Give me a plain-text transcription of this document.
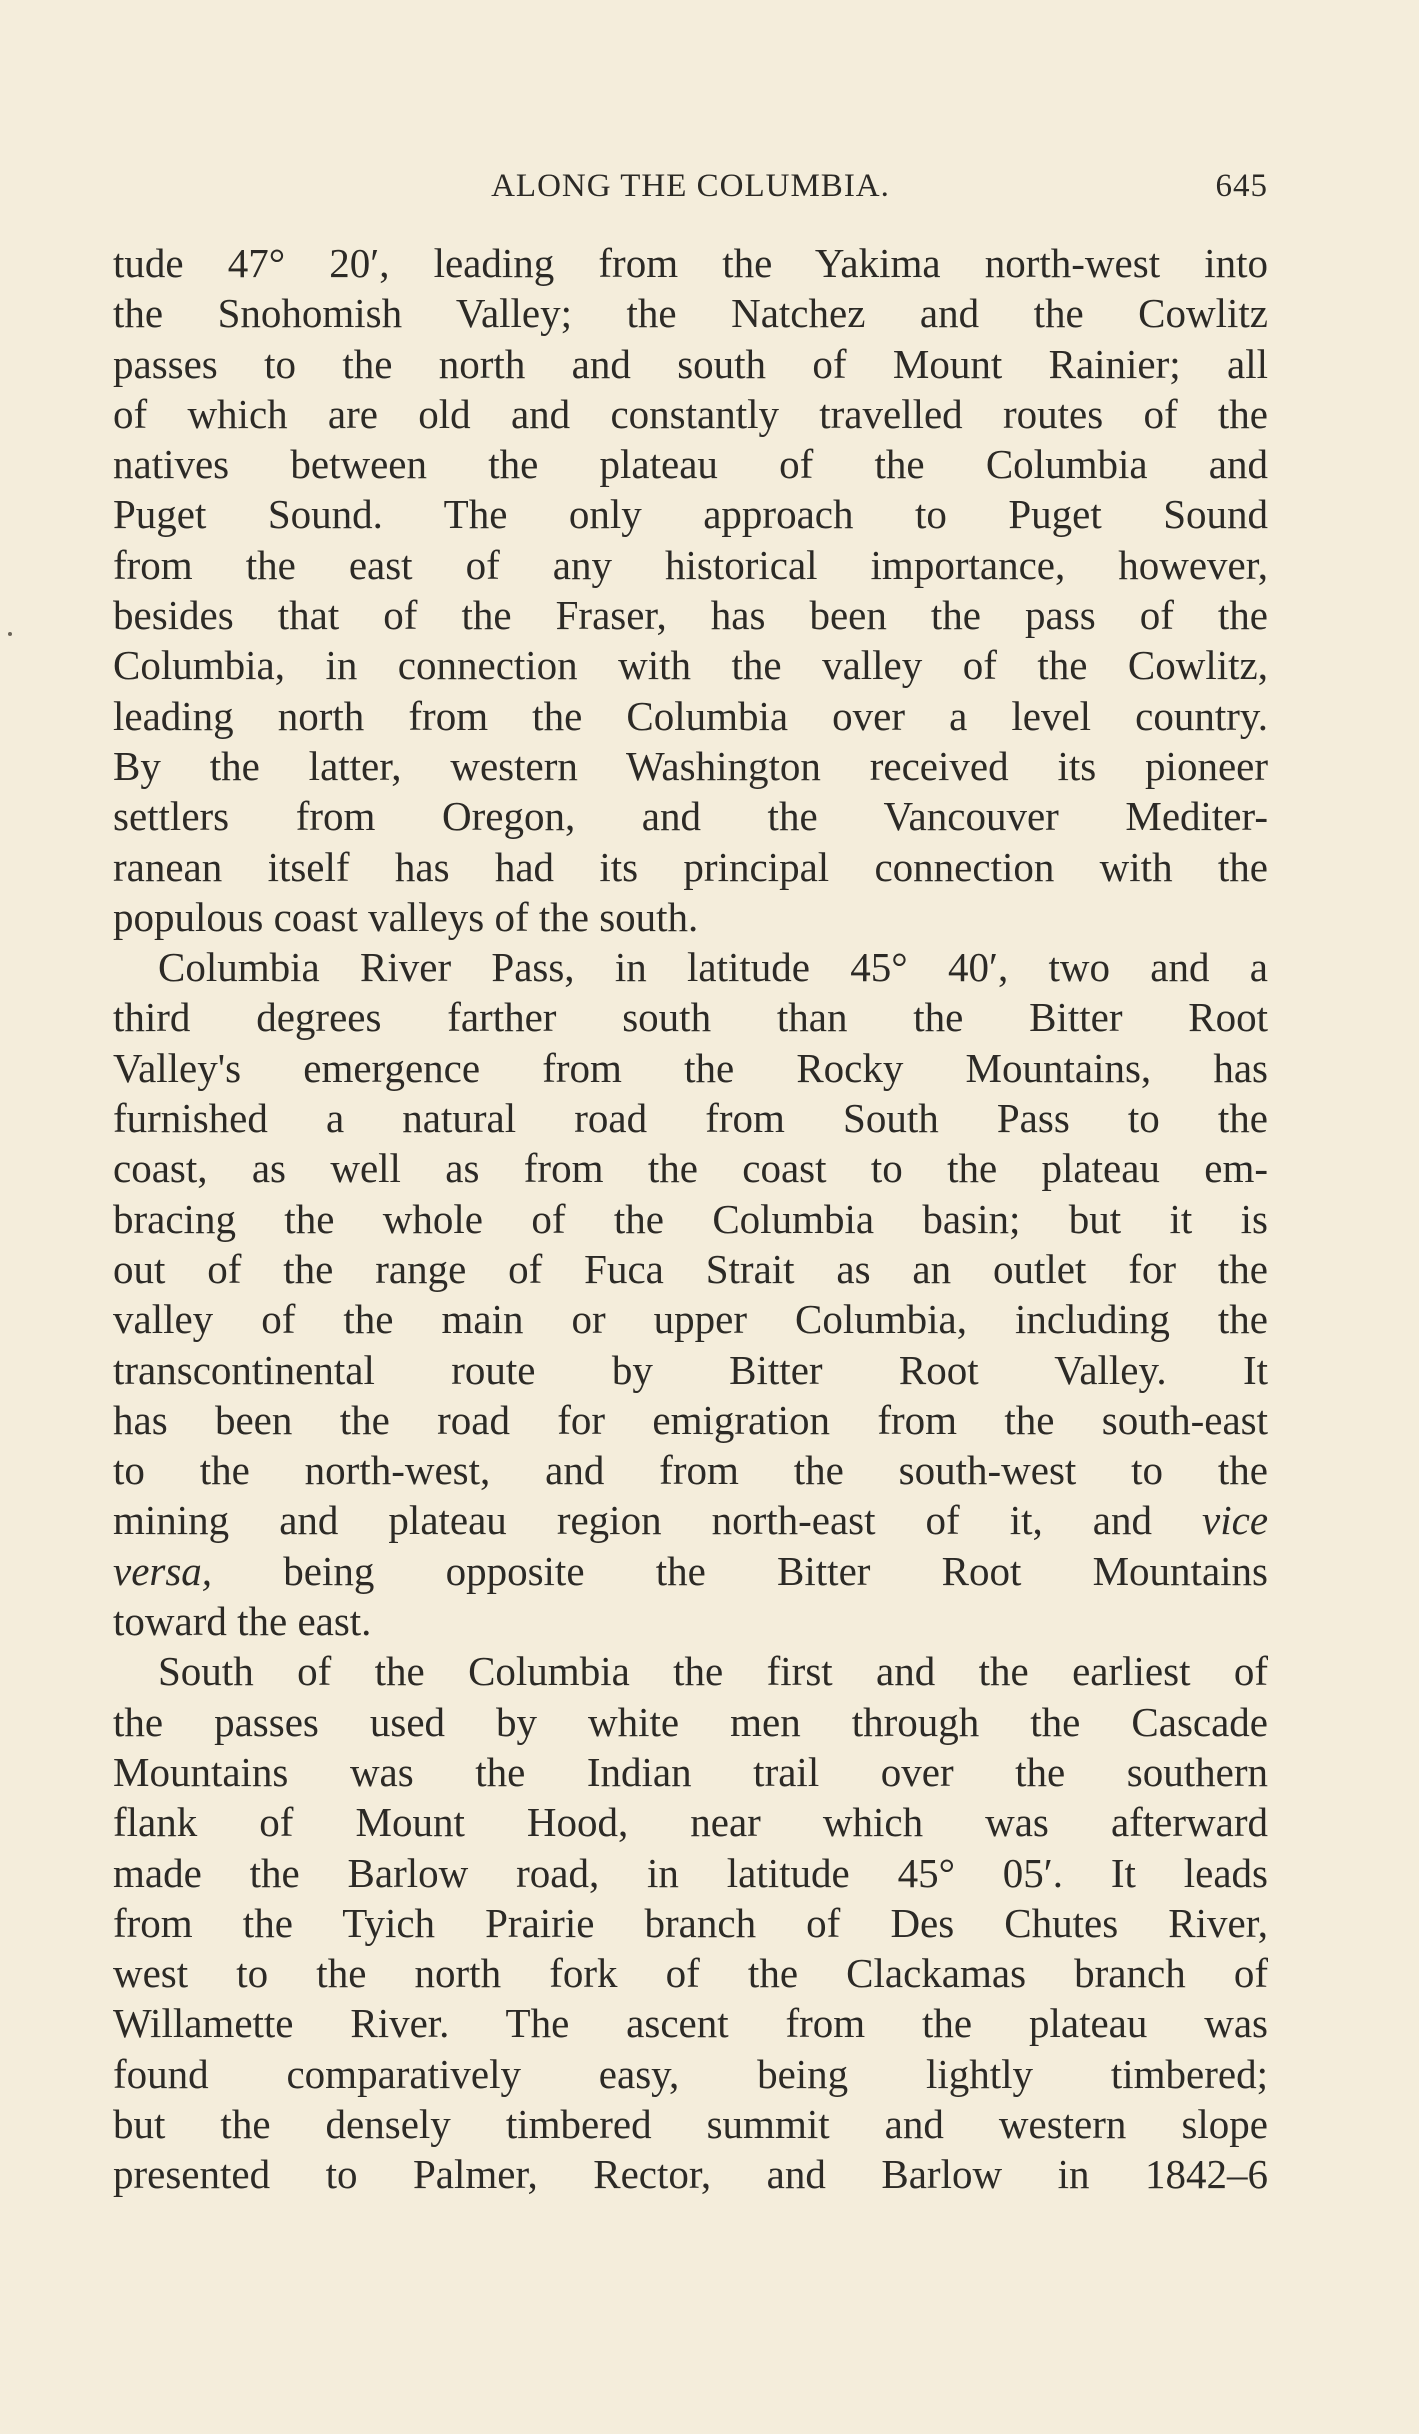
ALONG THE COLUMBIA.	645
tude 47° 20′, leading from the Yakima north-west into
the Snohomish Valley; the Natchez and the Cowlitz
passes to the north and south of Mount Rainier; all
of which are old and constantly travelled routes of the
natives between the plateau of the Columbia and
Puget Sound. The only approach to Puget Sound
from the east of any historical importance, however,
besides that of the Fraser, has been the pass of the
Columbia, in connection with the valley of the Cowlitz,
leading north from the Columbia over a level country.
By the latter, western Washington received its pioneer
settlers from Oregon, and the Vancouver Mediter-
ranean itself has had its principal connection with the
populous coast valleys of the south.
Columbia River Pass, in latitude 45° 40′, two and a
third degrees farther south than the Bitter Root
Valley's emergence from the Rocky Mountains, has
furnished a natural road from South Pass to the
coast, as well as from the coast to the plateau em-
bracing the whole of the Columbia basin; but it is
out of the range of Fuca Strait as an outlet for the
valley of the main or upper Columbia, including the
transcontinental route by Bitter Root Valley. It
has been the road for emigration from the south-east
to the north-west, and from the south-west to the
mining and plateau region north-east of it, and vice
versa, being opposite the Bitter Root Mountains
toward the east.
South of the Columbia the first and the earliest of
the passes used by white men through the Cascade
Mountains was the Indian trail over the southern
flank of Mount Hood, near which was afterward
made the Barlow road, in latitude 45° 05′. It leads
from the Tyich Prairie branch of Des Chutes River,
west to the north fork of the Clackamas branch of
Willamette River. The ascent from the plateau was
found comparatively easy, being lightly timbered;
but the densely timbered summit and western slope
presented to Palmer, Rector, and Barlow in 1842–6
